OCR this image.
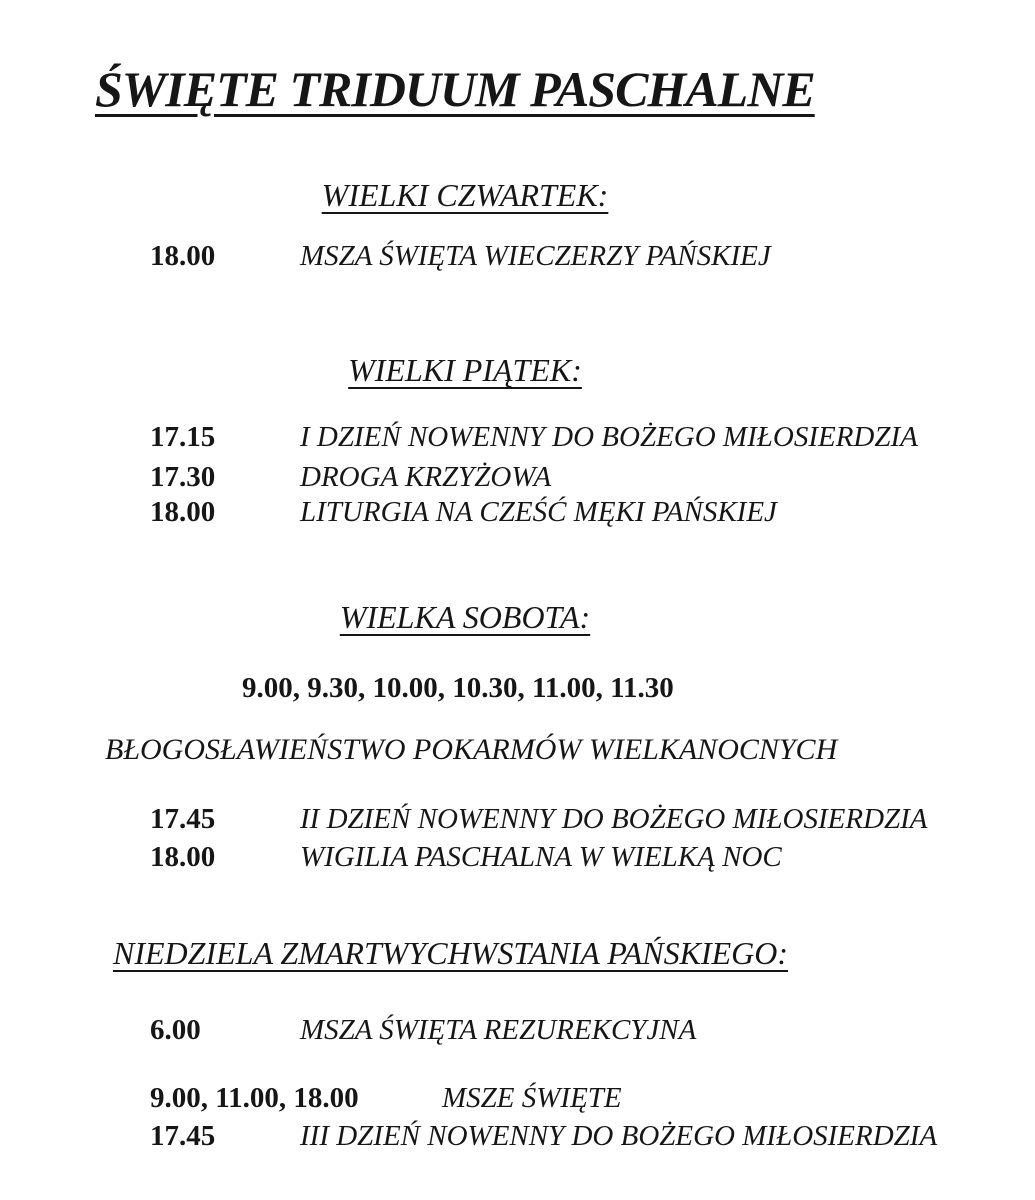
ŚWIĘTE TRIDUUM PASCHALNE
WIELKI CZWARTEK:
18.00	MSZA ŚWIĘTA WIECZERZY PAŃSKIEJ
WIELKI PIĄTEK:
17.15	I DZIEŃ NOWENNY DO BOŻEGO MIŁOSIERDZIA
17.30	DROGA KRZYŻOWA
18.00	LITURGIA NA CZEŚĆ MĘKI PAŃSKIEJ
WIELKA SOBOTA:
9.00, 9.30, 10.00, 10.30, 11.00, 11.30
BŁOGOSŁAWIEŃSTWO POKARMÓW WIELKANOCNYCH
17.45	II DZIEŃ NOWENNY DO BOŻEGO MIŁOSIERDZIA
18.00	WIGILIA PASCHALNA W WIELKĄ NOC
NIEDZIELA ZMARTWYCHWSTANIA PAŃSKIEGO:
6.00	MSZA ŚWIĘTA REZUREKCYJNA
9.00, 11.00, 18.00	MSZE ŚWIĘTE
17.45	III DZIEŃ NOWENNY DO BOŻEGO MIŁOSIERDZIA
